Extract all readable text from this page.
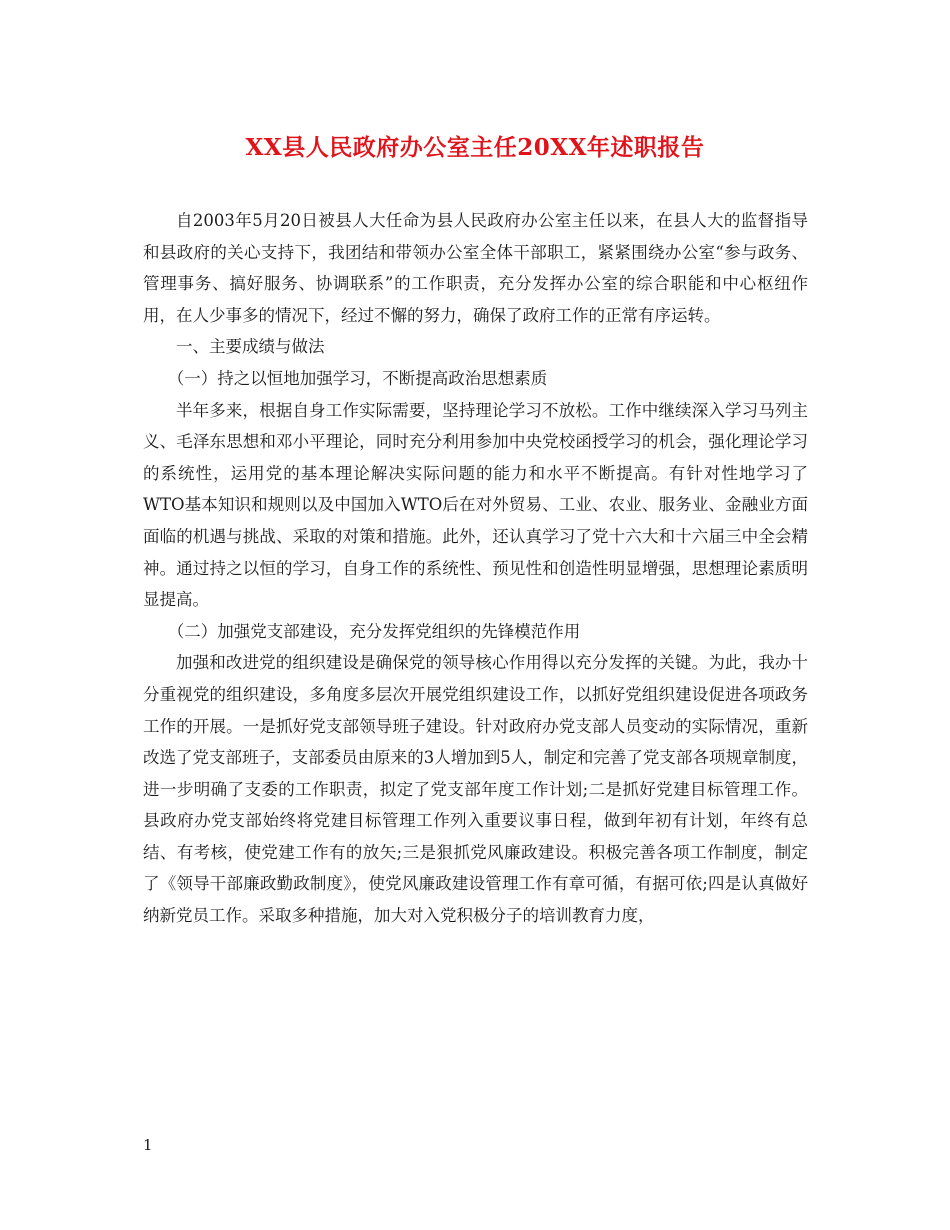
XX县人民政府办公室主任20XX年述职报告

自2003年5月20日被县人大任命为县人民政府办公室主任以来，在县人大的监督指导和县政府的关心支持下，我团结和带领办公室全体干部职工，紧紧围绕办公室“参与政务、管理事务、搞好服务、协调联系”的工作职责，充分发挥办公室的综合职能和中心枢纽作用，在人少事多的情况下，经过不懈的努力，确保了政府工作的正常有序运转。

一、主要成绩与做法

（一）持之以恒地加强学习，不断提高政治思想素质

半年多来，根据自身工作实际需要，坚持理论学习不放松。工作中继续深入学习马列主义、毛泽东思想和邓小平理论，同时充分利用参加中央党校函授学习的机会，强化理论学习的系统性，运用党的基本理论解决实际问题的能力和水平不断提高。有针对性地学习了WTO基本知识和规则以及中国加入WTO后在对外贸易、工业、农业、服务业、金融业方面面临的机遇与挑战、采取的对策和措施。此外，还认真学习了党十六大和十六届三中全会精神。通过持之以恒的学习，自身工作的系统性、预见性和创造性明显增强，思想理论素质明显提高。

（二）加强党支部建设，充分发挥党组织的先锋模范作用

加强和改进党的组织建设是确保党的领导核心作用得以充分发挥的关键。为此，我办十分重视党的组织建设，多角度多层次开展党组织建设工作，以抓好党组织建设促进各项政务工作的开展。一是抓好党支部领导班子建设。针对政府办党支部人员变动的实际情况，重新改选了党支部班子，支部委员由原来的3人增加到5人，制定和完善了党支部各项规章制度，进一步明确了支委的工作职责，拟定了党支部年度工作计划;二是抓好党建目标管理工作。县政府办党支部始终将党建目标管理工作列入重要议事日程，做到年初有计划，年终有总结、有考核，使党建工作有的放矢;三是狠抓党风廉政建设。积极完善各项工作制度，制定了《领导干部廉政勤政制度》，使党风廉政建设管理工作有章可循，有据可依;四是认真做好纳新党员工作。采取多种措施，加大对入党积极分子的培训教育力度，

1
